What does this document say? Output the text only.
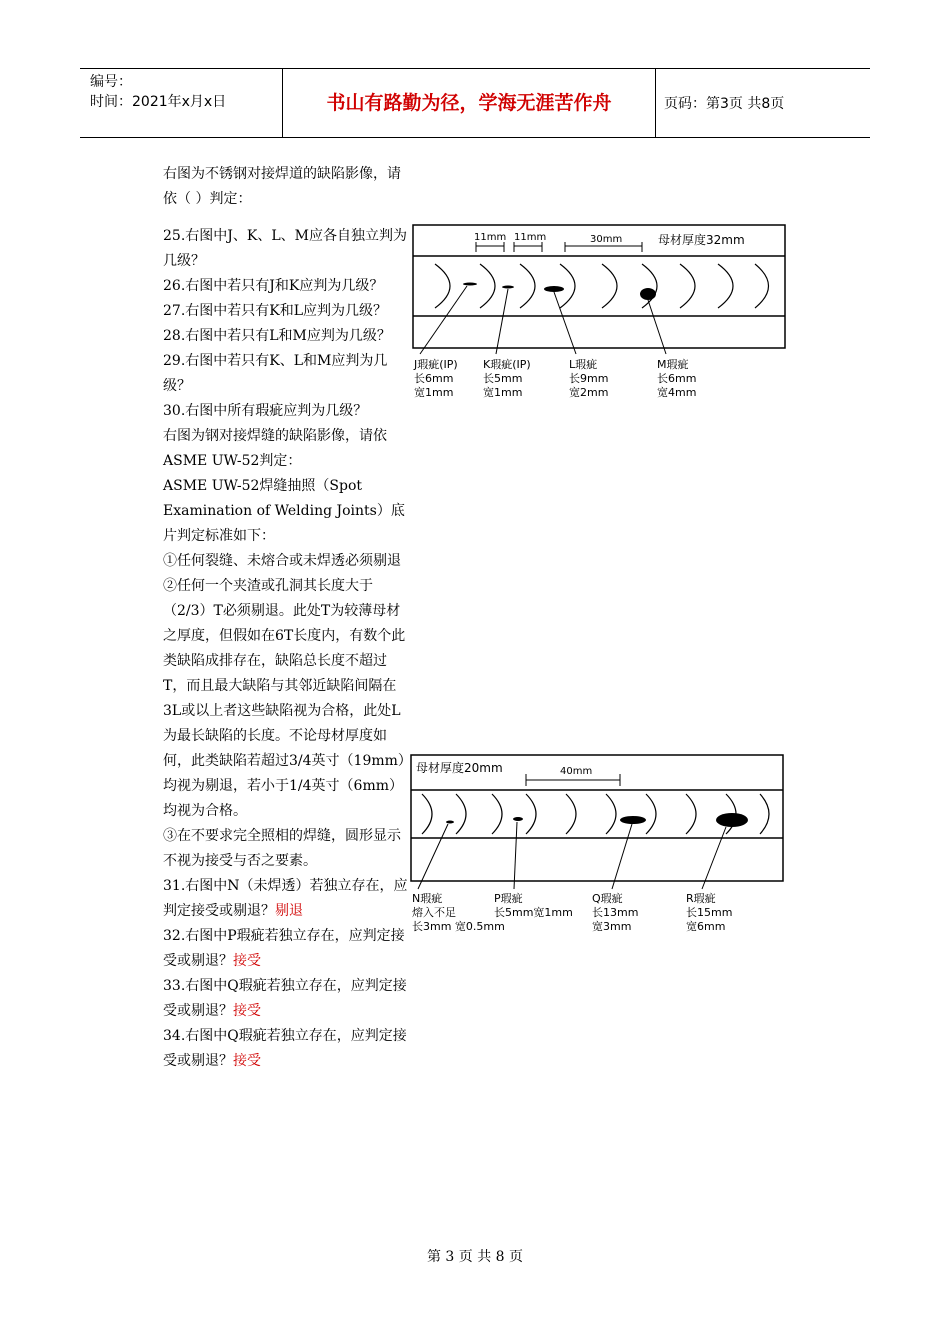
编号：
时间：2021年x月x日	书山有路勤为径，学海无涯苦作舟	页码：第3页 共8页

右图为不锈钢对接焊道的缺陷影像，请依（ ）判定：

25.右图中J、K、L、M应各自独立判为几级？

26.右图中若只有J和K应判为几级？

27.右图中若只有K和L应判为几级？

28.右图中若只有L和M应判为几级？

29.右图中若只有K、L和M应判为几级？

30.右图中所有瑕疵应判为几级？

右图为钢对接焊缝的缺陷影像，请依ASME UW-52判定：

ASME UW-52焊缝抽照（Spot Examination of Welding Joints）底片判定标准如下：

①任何裂缝、未熔合或未焊透必须剔退

②任何一个夹渣或孔洞其长度大于（2/3）T必须剔退。此处T为较薄母材之厚度，但假如在6T长度内，有数个此类缺陷成排存在，缺陷总长度不超过T，而且最大缺陷与其邻近缺陷间隔在3L或以上者这些缺陷视为合格，此处L为最长缺陷的长度。不论母材厚度如何，此类缺陷若超过3/4英寸（19mm）均视为剔退，若小于1/4英寸（6mm）均视为合格。

③在不要求完全照相的焊缝，圆形显示不视为接受与否之要素。

31.右图中N（未焊透）若独立存在，应判定接受或剔退？剔退

32.右图中P瑕疵若独立存在，应判定接受或剔退？接受

33.右图中Q瑕疵若独立存在，应判定接受或剔退？接受

34.右图中Q瑕疵若独立存在，应判定接受或剔退？接受

11mm 11mm	30mm	母材厚度32mm
J瑕疵(IP)
长6mm
宽1mm
K瑕疵(IP)
长5mm
宽1mm
L瑕疵
长9mm
宽2mm
M瑕疵
长6mm
宽4mm
母材厚度20mm	40mm
N瑕疵
熔入不足
长3mm 宽0.5mm
P瑕疵
长5mm宽1mm
Q瑕疵
长13mm
宽3mm
R瑕疵
长15mm
宽6mm
第 3 页 共 8 页
